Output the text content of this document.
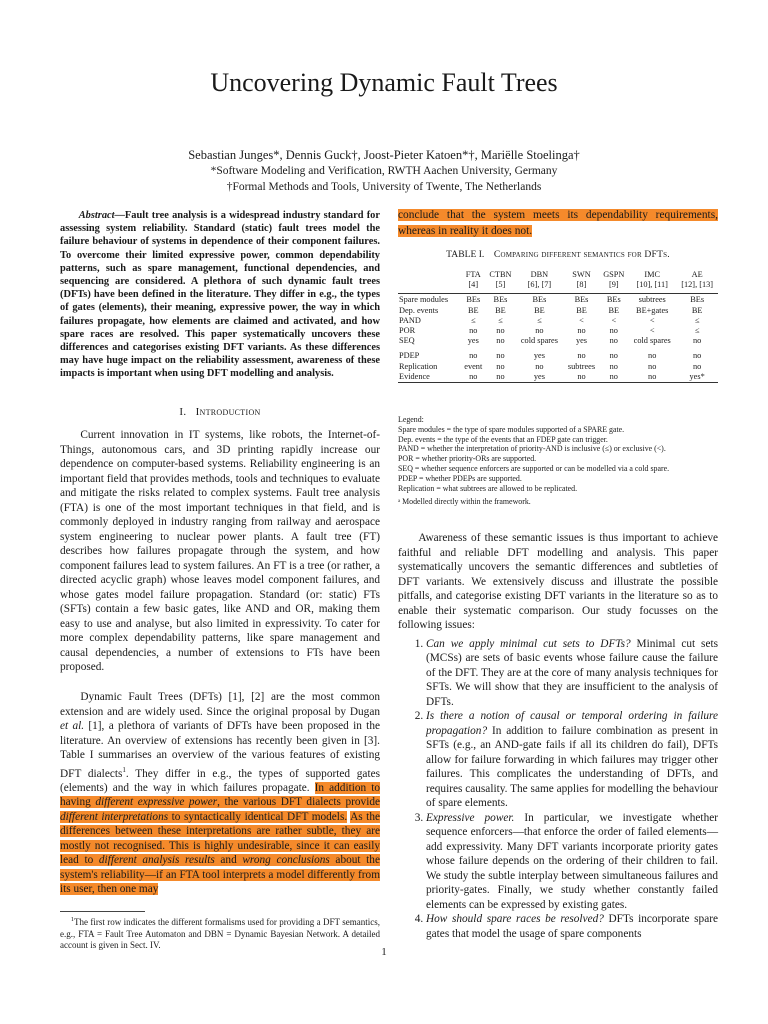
Uncovering Dynamic Fault Trees
Sebastian Junges*, Dennis Guck†, Joost-Pieter Katoen*†, Mariëlle Stoelinga†
*Software Modeling and Verification, RWTH Aachen University, Germany
†Formal Methods and Tools, University of Twente, The Netherlands
Abstract—Fault tree analysis is a widespread industry standard for assessing system reliability. Standard (static) fault trees model the failure behaviour of systems in dependence of their component failures. To overcome their limited expressive power, common dependability patterns, such as spare management, functional dependencies, and sequencing are considered. A plethora of such dynamic fault trees (DFTs) have been defined in the literature. They differ in e.g., the types of gates (elements), their meaning, expressive power, the way in which failures propagate, how elements are claimed and activated, and how spare races are resolved. This paper systematically uncovers these differences and categorises existing DFT variants. As these differences may have huge impact on the reliability assessment, awareness of these impacts is important when using DFT modelling and analysis.
I. Introduction

Current innovation in IT systems, like robots, the Internet-of-Things, autonomous cars, and 3D printing rapidly increase our dependence on computer-based systems. Reliability engineering is an important field that provides methods, tools and techniques to evaluate and mitigate the risks related to complex systems. Fault tree analysis (FTA) is one of the most important techniques in that field, and is commonly deployed in industry ranging from railway and aerospace system engineering to nuclear power plants. A fault tree (FT) describes how failures propagate through the system, and how component failures lead to system failures. An FT is a tree (or rather, a directed acyclic graph) whose leaves model component failures, and whose gates model failure propagation. Standard (or: static) FTs (SFTs) contain a few basic gates, like AND and OR, making them easy to use and analyse, but also limited in expressivity. To cater for more complex dependability patterns, like spare management and causal dependencies, a number of extensions to FTs have been proposed.

Dynamic Fault Trees (DFTs) [1], [2] are the most common extension and are widely used. Since the original proposal by Dugan et al. [1], a plethora of variants of DFTs have been proposed in the literature. An overview of extensions has recently been given in [3]. Table I summarises an overview of the various features of existing DFT dialects$^1$. They differ in e.g., the types of supported gates (elements) and the way in which failures propagate. In addition to having different expressive power, the various DFT dialects provide different interpretations to syntactically identical DFT models. As the differences between these interpretations are rather subtle, they are mostly not recognised. This is highly undesirable, since it can easily lead to different analysis results and wrong conclusions about the system's reliability—if an FTA tool interprets a model differently from its user, then one may

$^1$The first row indicates the different formalisms used for providing a DFT semantics, e.g., FTA = Fault Tree Automaton and DBN = Dynamic Bayesian Network. A detailed account is given in Sect. IV.
1
conclude that the system meets its dependability requirements, whereas in reality it does not.
TABLE I. Comparing different semantics for DFTs.
	FTA	CTBN	DBN	SWN	GSPN	IMC	AE
	[4]	[5]	[6], [7]	[8]	[9]	[10], [11]	[12], [13]
Spare modules	BEs	BEs	BEs	BEs	BEs	subtrees	BEs
Dep. events	BE	BE	BE	BE	BE	BE+gates	BE
PAND	≤	≤	≤	<	<	<	≤
POR	no	no	no	no	no	<	≤
SEQ	yes	no	cold spares	yes	no	cold spares	no

PDEP	no	no	yes	no	no	no	no
Replication	event	no	no	subtrees	no	no	no
Evidence	no	no	yes	no	no	no	yes*
Legend:
Spare modules = the type of spare modules supported of a SPARE gate.
Dep. events = the type of the events that an FDEP gate can trigger.
PAND = whether the interpretation of priority-AND is inclusive (≤) or exclusive (<).
POR = whether priority-ORs are supported.
SEQ = whether sequence enforcers are supported or can be modelled via a cold spare.
PDEP = whether PDEPs are supported.
Replication = what subtrees are allowed to be replicated.
ᵃ Modelled directly within the framework.

Awareness of these semantic issues is thus important to achieve faithful and reliable DFT modelling and analysis. This paper systematically uncovers the semantic differences and subtleties of DFT variants. We extensively discuss and illustrate the possible pitfalls, and categorise existing DFT variants in the literature so as to enable their systematic comparison. Our study focusses on the following issues:

1. Can we apply minimal cut sets to DFTs? Minimal cut sets (MCSs) are sets of basic events whose failure cause the failure of the DFT. They are at the core of many analysis techniques for SFTs. We will show that they are insufficient to the analysis of DFTs.
2. Is there a notion of causal or temporal ordering in failure propagation? In addition to failure combination as present in SFTs (e.g., an AND-gate fails if all its children do fail), DFTs allow for failure forwarding in which failures may trigger other failures. This complicates the understanding of DFTs, and requires causality. The same applies for modelling the behaviour of spare elements.
3. Expressive power. In particular, we investigate whether sequence enforcers—that enforce the order of failed elements—add expressivity. Many DFT variants incorporate priority gates whose failure depends on the ordering of their children to fail. We study the subtle interplay between simultaneous failures and priority-gates. Finally, we study whether constantly failed elements can be expressed by existing gates.
4. How should spare races be resolved? DFTs incorporate spare gates that model the usage of spare components
